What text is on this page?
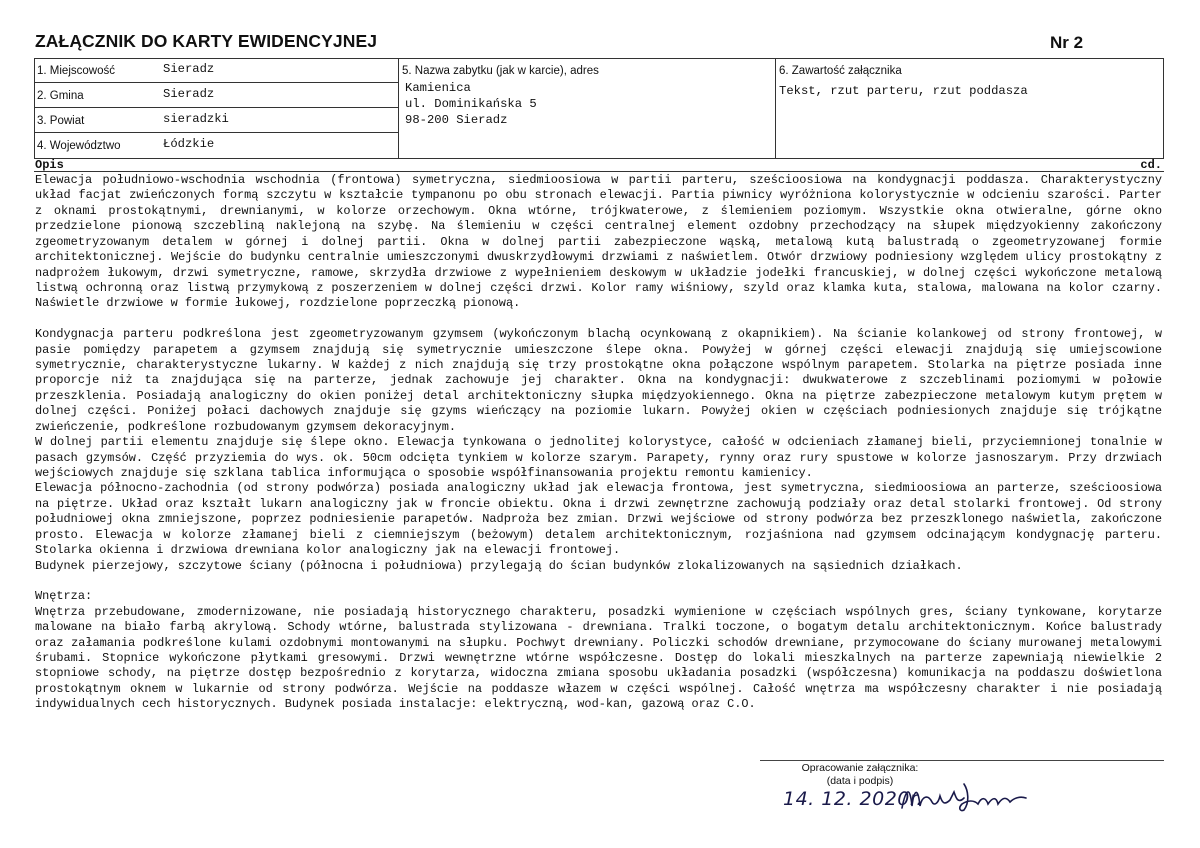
ZAŁĄCZNIK DO KARTY EWIDENCYJNEJ	Nr 2
1. Miejscowość	Sieradz
2. Gmina	Sieradz
3. Powiat	sieradzki
4. Województwo	Łódzkie
5. Nazwa zabytku (jak w karcie), adres
Kamienica
ul. Dominikańska 5
98-200 Sieradz
6. Zawartość załącznika
Tekst, rzut parteru, rzut poddasza
Opis	cd.

Elewacja południowo-wschodnia wschodnia (frontowa) symetryczna, siedmioosiowa w partii parteru, sześcioosiowa na kondygnacji poddasza. Charakterystyczny układ facjat zwieńczonych formą szczytu w kształcie tympanonu po obu stronach elewacji. Partia piwnicy wyróżniona kolorystycznie w odcieniu szarości. Parter z oknami prostokątnymi, drewnianymi, w kolorze orzechowym. Okna wtórne, trójkwaterowe, z ślemieniem poziomym. Wszystkie okna otwieralne, górne okno przedzielone pionową szczebliną naklejoną na szybę. Na ślemieniu w części centralnej element ozdobny przechodzący na słupek międzyokienny zakończony zgeometryzowanym detalem w górnej i dolnej partii. Okna w dolnej partii zabezpieczone wąską, metalową kutą balustradą o zgeometryzowanej formie architektonicznej. Wejście do budynku centralnie umieszczonymi dwuskrzydłowymi drzwiami z naświetlem. Otwór drzwiowy podniesiony względem ulicy prostokątny z nadprożem łukowym, drzwi symetryczne, ramowe, skrzydła drzwiowe z wypełnieniem deskowym w układzie jodełki francuskiej, w dolnej części wykończone metalową listwą ochronną oraz listwą przymykową z poszerzeniem w dolnej części drzwi. Kolor ramy wiśniowy, szyld oraz klamka kuta, stalowa, malowana na kolor czarny. Naświetle drzwiowe w formie łukowej, rozdzielone poprzeczką pionową.

Kondygnacja parteru podkreślona jest zgeometryzowanym gzymsem (wykończonym blachą ocynkowaną z okapnikiem). Na ścianie kolankowej od strony frontowej, w pasie pomiędzy parapetem a gzymsem znajdują się symetrycznie umieszczone ślepe okna. Powyżej w górnej części elewacji znajdują się umiejscowione symetrycznie, charakterystyczne lukarny. W każdej z nich znajdują się trzy prostokątne okna połączone wspólnym parapetem. Stolarka na piętrze posiada inne proporcje niż ta znajdująca się na parterze, jednak zachowuje jej charakter. Okna na kondygnacji: dwukwaterowe z szczeblinami poziomymi w połowie przeszklenia. Posiadają analogiczny do okien poniżej detal architektoniczny słupka międzyokiennego. Okna na piętrze zabezpieczone metalowym kutym prętem w dolnej części. Poniżej połaci dachowych znajduje się gzyms wieńczący na poziomie lukarn. Powyżej okien w częściach podniesionych znajduje się trójkątne zwieńczenie, podkreślone rozbudowanym gzymsem dekoracyjnym.

W dolnej partii elementu znajduje się ślepe okno. Elewacja tynkowana o jednolitej kolorystyce, całość w odcieniach złamanej bieli, przyciemnionej tonalnie w pasach gzymsów. Część przyziemia do wys. ok. 50cm odcięta tynkiem w kolorze szarym. Parapety, rynny oraz rury spustowe w kolorze jasnoszarym. Przy drzwiach wejściowych znajduje się szklana tablica informująca o sposobie współfinansowania projektu remontu kamienicy.

Elewacja północno-zachodnia (od strony podwórza) posiada analogiczny układ jak elewacja frontowa, jest symetryczna, siedmioosiowa an parterze, sześcioosiowa na piętrze. Układ oraz kształt lukarn analogiczny jak w froncie obiektu. Okna i drzwi zewnętrzne zachowują podziały oraz detal stolarki frontowej. Od strony południowej okna zmniejszone, poprzez podniesienie parapetów. Nadproża bez zmian. Drzwi wejściowe od strony podwórza bez przeszklonego naświetla, zakończone prosto. Elewacja w kolorze złamanej bieli z ciemniejszym (beżowym) detalem architektonicznym, rozjaśniona nad gzymsem odcinającym kondygnację parteru. Stolarka okienna i drzwiowa drewniana kolor analogiczny jak na elewacji frontowej.

Budynek pierzejowy, szczytowe ściany (północna i południowa) przylegają do ścian budynków zlokalizowanych na sąsiednich działkach.

Wnętrza:

Wnętrza przebudowane, zmodernizowane, nie posiadają historycznego charakteru, posadzki wymienione w częściach wspólnych gres, ściany tynkowane, korytarze malowane na biało farbą akrylową. Schody wtórne, balustrada stylizowana - drewniana. Tralki toczone, o bogatym detalu architektonicznym. Końce balustrady oraz załamania podkreślone kulami ozdobnymi montowanymi na słupku. Pochwyt drewniany. Policzki schodów drewniane, przymocowane do ściany murowanej metalowymi śrubami. Stopnice wykończone płytkami gresowymi. Drzwi wewnętrzne wtórne współczesne. Dostęp do lokali mieszkalnych na parterze zapewniają niewielkie 2 stopniowe schody, na piętrze dostęp bezpośrednio z korytarza, widoczna zmiana sposobu układania posadzki (współczesna) komunikacja na poddaszu doświetlona prostokątnym oknem w lukarnie od strony podwórza. Wejście na poddasze włazem w części wspólnej. Całość wnętrza ma współczesny charakter i nie posiadają indywidualnych cech historycznych. Budynek posiada instalacje: elektryczną, wod-kan, gazową oraz C.O.

Opracowanie załącznika:
(data i podpis)
14. 12. 2020r.
